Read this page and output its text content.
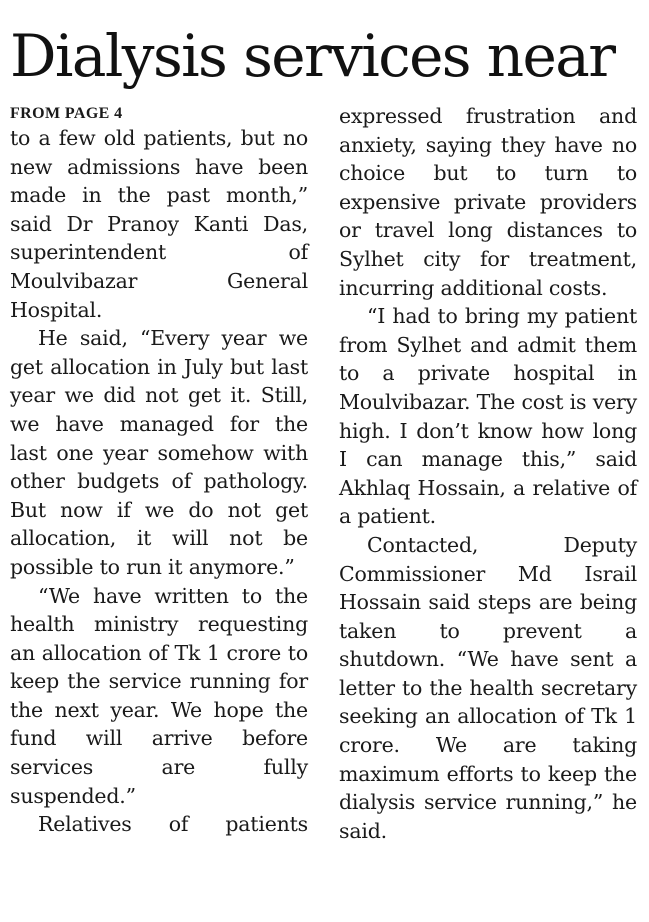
Dialysis services near
FROM PAGE 4

to a few old patients, but no new admissions have been made in the past month,” said Dr Pranoy Kanti Das, superintendent of Moulvibazar General Hospital.

He said, “Every year we get allocation in July but last year we did not get it. Still, we have managed for the last one year somehow with other budgets of pathology. But now if we do not get allocation, it will not be possible to run it anymore.”

“We have written to the health ministry requesting an allocation of Tk 1 crore to keep the service running for the next year. We hope the fund will arrive before services are fully suspended.”

Relatives of patients

expressed frustration and anxiety, saying they have no choice but to turn to expensive private providers or travel long distances to Sylhet city for treatment, incurring additional costs.

“I had to bring my patient from Sylhet and admit them to a private hospital in Moulvibazar. The cost is very high. I don’t know how long I can manage this,” said Akhlaq Hossain, a relative of a patient.

Contacted, Deputy Commissioner Md Israil Hossain said steps are being taken to prevent a shutdown. “We have sent a letter to the health secretary seeking an allocation of Tk 1 crore. We are taking maximum efforts to keep the dialysis service running,” he said.
